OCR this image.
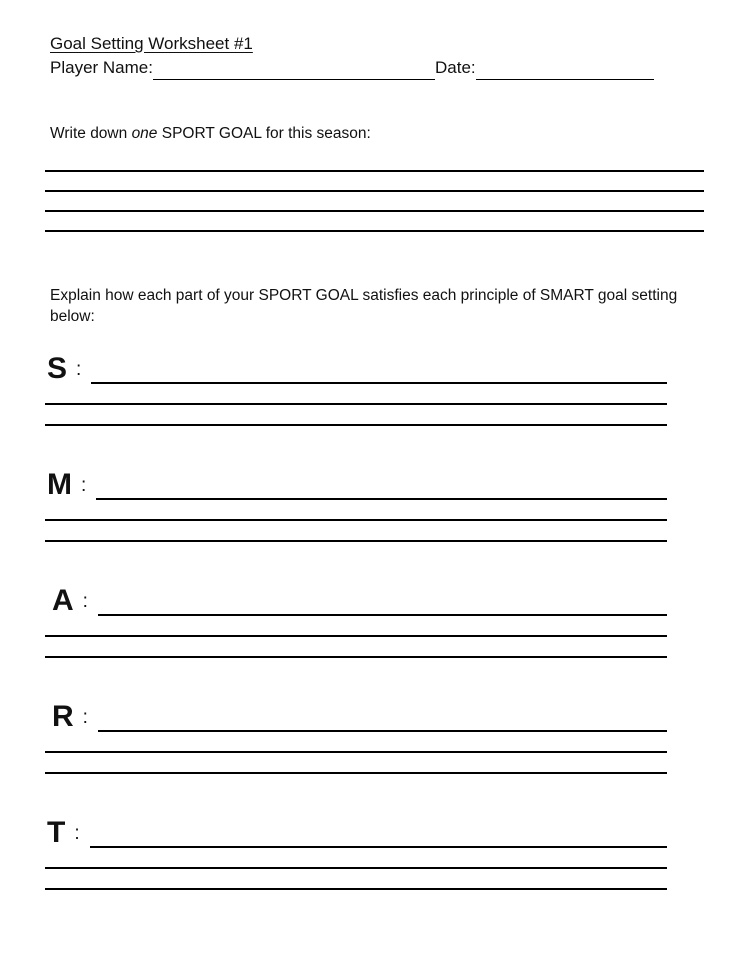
Goal Setting Worksheet #1
Player Name:	Date:
Write down one SPORT GOAL for this season:
Explain how each part of your SPORT GOAL satisfies each principle of SMART goal setting below:
S :
M :
A :
R :
T :
